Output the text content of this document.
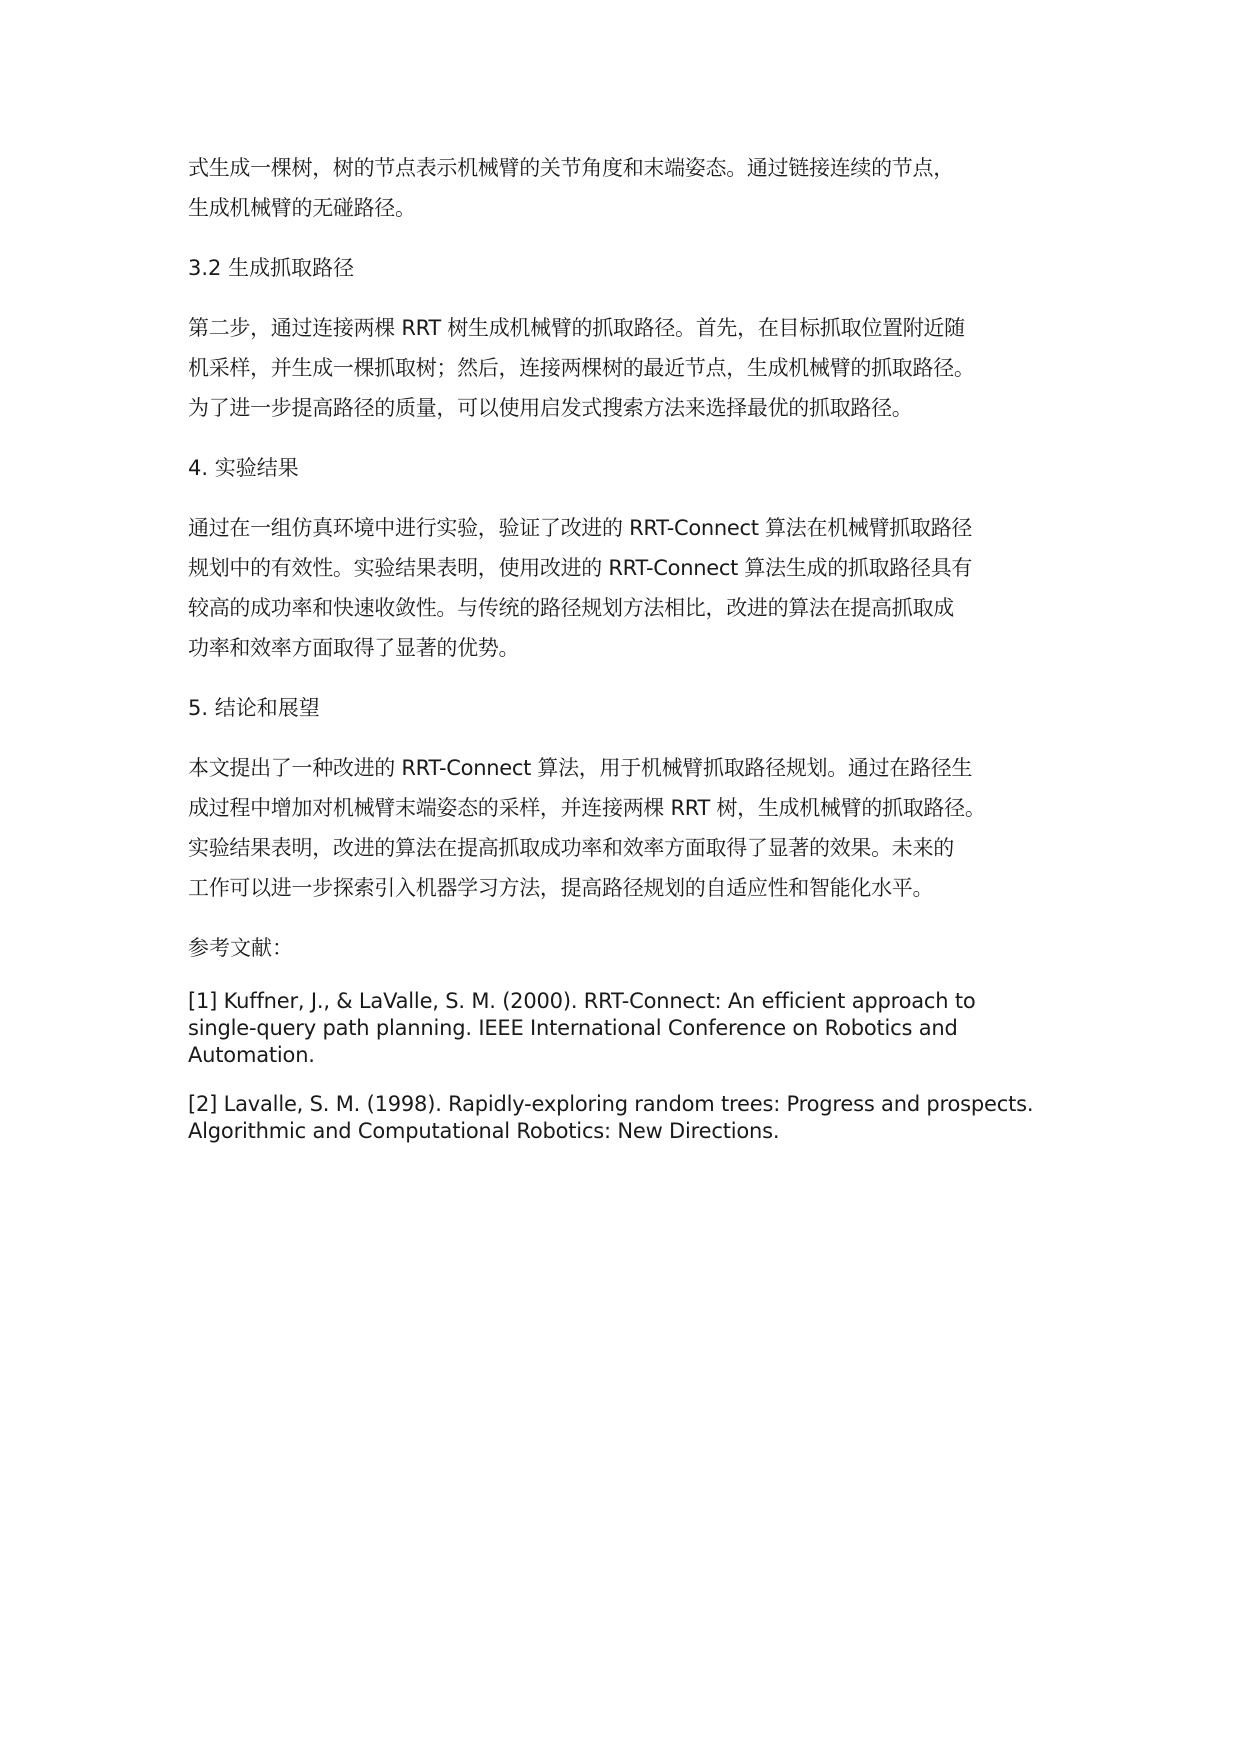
式生成一棵树，树的节点表示机械臂的关节角度和末端姿态。通过链接连续的节点，
生成机械臂的无碰路径。

3.2 生成抓取路径

第二步，通过连接两棵 RRT 树生成机械臂的抓取路径。首先，在目标抓取位置附近随
机采样，并生成一棵抓取树；然后，连接两棵树的最近节点，生成机械臂的抓取路径。
为了进一步提高路径的质量，可以使用启发式搜索方法来选择最优的抓取路径。

4. 实验结果

通过在一组仿真环境中进行实验，验证了改进的 RRT-Connect 算法在机械臂抓取路径
规划中的有效性。实验结果表明，使用改进的 RRT-Connect 算法生成的抓取路径具有
较高的成功率和快速收敛性。与传统的路径规划方法相比，改进的算法在提高抓取成
功率和效率方面取得了显著的优势。

5. 结论和展望

本文提出了一种改进的 RRT-Connect 算法，用于机械臂抓取路径规划。通过在路径生
成过程中增加对机械臂末端姿态的采样，并连接两棵 RRT 树，生成机械臂的抓取路径。
实验结果表明，改进的算法在提高抓取成功率和效率方面取得了显著的效果。未来的
工作可以进一步探索引入机器学习方法，提高路径规划的自适应性和智能化水平。

参考文献：

[1] Kuffner, J., & LaValle, S. M. (2000). RRT-Connect: An efficient approach to
single-query path planning. IEEE International Conference on Robotics and
Automation.

[2] Lavalle, S. M. (1998). Rapidly-exploring random trees: Progress and prospects.
Algorithmic and Computational Robotics: New Directions.
